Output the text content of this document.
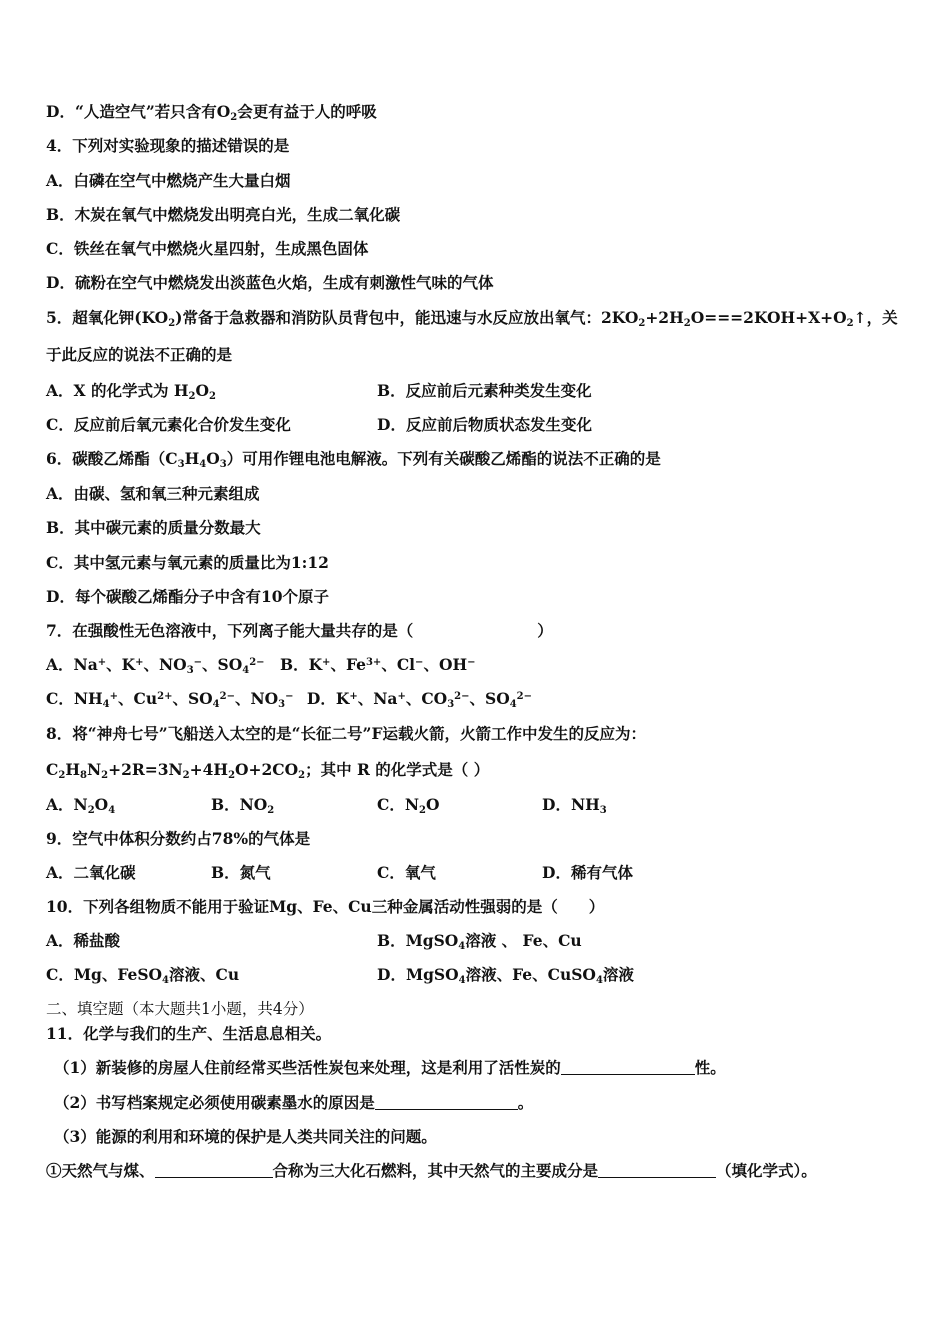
D．“人造空气”若只含有$O_2$会更有益于人的呼吸
4．下列对实验现象的描述错误的是
A．白磷在空气中燃烧产生大量白烟
B．木炭在氧气中燃烧发出明亮白光，生成二氧化碳
C．铁丝在氧气中燃烧火星四射，生成黑色固体
D．硫粉在空气中燃烧发出淡蓝色火焰，生成有刺激性气味的气体
5．超氧化钾$(KO_2)$常备于急救器和消防队员背包中，能迅速与水反应放出氧气：$2KO_2+2H_2O===2KOH+X+O_2↑$，关
于此反应的说法不正确的是
A．X 的化学式为 $H_2O_2$	B．反应前后元素种类发生变化
C．反应前后氧元素化合价发生变化	D．反应前后物质状态发生变化
6．碳酸乙烯酯$(C_3H_4O_3)$可用作锂电池电解液。下列有关碳酸乙烯酯的说法不正确的是
A．由碳、氢和氧三种元素组成
B．其中碳元素的质量分数最大
C．其中氢元素与氧元素的质量比为1:12
D．每个碳酸乙烯酯分子中含有10个原子
7．在强酸性无色溶液中，下列离子能大量共存的是（　　　　　　　　）
A．Na+、K+、$NO_3^-$、$SO_4^{2-}$ B．K+、$Fe^{3+}$、Cl−、OH−
C．$NH_4^+$、$Cu^{2+}$、$SO_4^{2-}$、$NO_3^-$ D．K+、Na+、$CO_3^{2-}$、$SO_4^{2-}$
8．将“神舟七号”飞船送入太空的是“长征二号”F运载火箭，火箭工作中发生的反应为：
$C_2H_8N_2+2R=3N_2+4H_2O+2CO_2$；其中 R 的化学式是（ ）
A．$N_2O_4$	B．$NO_2$	C．$N_2O$	D．$NH_3$
9．空气中体积分数约占78%的气体是
A．二氧化碳	B．氮气	C．氧气	D．稀有气体
10．下列各组物质不能用于验证Mg、Fe、Cu三种金属活动性强弱的是（　　）
A．稀盐酸	B．MgSO$_4$溶液 、 Fe、Cu
C．Mg、FeSO$_4$溶液、Cu	D．MgSO$_4$溶液、Fe、CuSO$_4$溶液
二、填空题（本大题共1小题，共4分）
11．化学与我们的生产、生活息息相关。
（1）新装修的房屋人住前经常买些活性炭包来处理，这是利用了活性炭的	性。
（2）书写档案规定必须使用碳素墨水的原因是	。
（3）能源的利用和环境的保护是人类共同关注的问题。
①天然气与煤、	合称为三大化石燃料，其中天然气的主要成分是	（填化学式）。
